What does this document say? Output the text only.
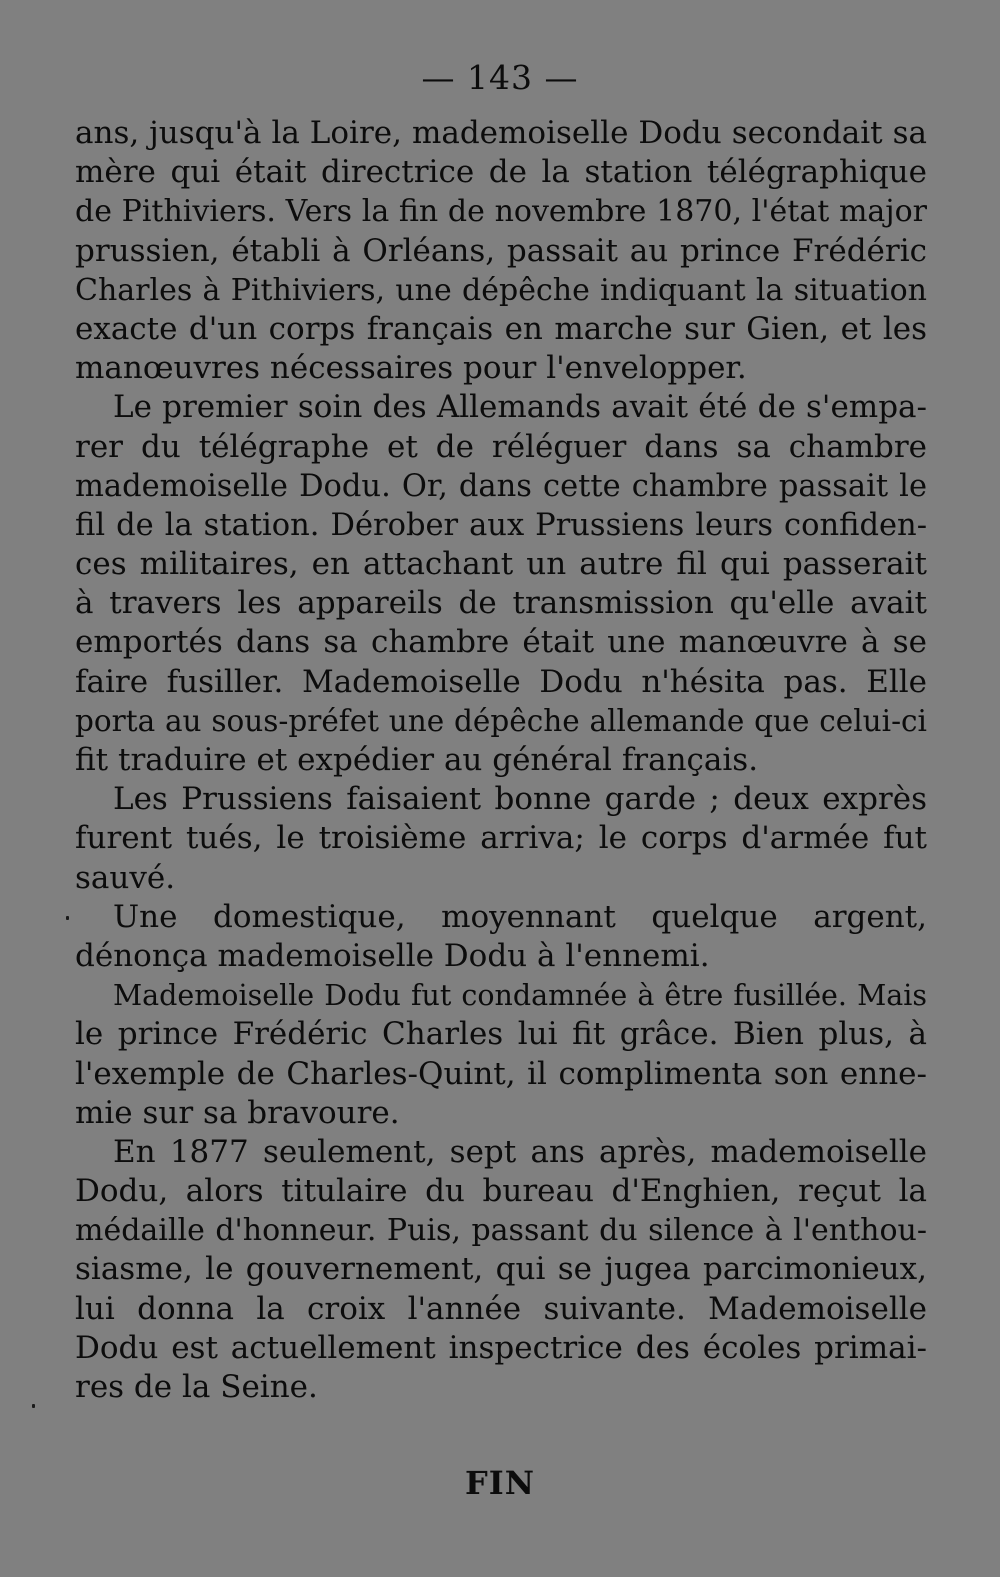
— 143 —
ans, jusqu'à la Loire, mademoiselle Dodu secondait sa
mère qui était directrice de la station télégraphique
de Pithiviers. Vers la fin de novembre 1870, l'état major
prussien, établi à Orléans, passait au prince Frédéric
Charles à Pithiviers, une dépêche indiquant la situation
exacte d'un corps français en marche sur Gien, et les
manœuvres nécessaires pour l'envelopper.
Le premier soin des Allemands avait été de s'empa-
rer du télégraphe et de réléguer dans sa chambre
mademoiselle Dodu. Or, dans cette chambre passait le
fil de la station. Dérober aux Prussiens leurs confiden-
ces militaires, en attachant un autre fil qui passerait
à travers les appareils de transmission qu'elle avait
emportés dans sa chambre était une manœuvre à se
faire fusiller. Mademoiselle Dodu n'hésita pas. Elle
porta au sous-préfet une dépêche allemande que celui-ci
fit traduire et expédier au général français.
Les Prussiens faisaient bonne garde ; deux exprès
furent tués, le troisième arriva; le corps d'armée fut
sauvé.
Une domestique, moyennant quelque argent,
dénonça mademoiselle Dodu à l'ennemi.
Mademoiselle Dodu fut condamnée à être fusillée. Mais
le prince Frédéric Charles lui fit grâce. Bien plus, à
l'exemple de Charles-Quint, il complimenta son enne-
mie sur sa bravoure.
En 1877 seulement, sept ans après, mademoiselle
Dodu, alors titulaire du bureau d'Enghien, reçut la
médaille d'honneur. Puis, passant du silence à l'enthou-
siasme, le gouvernement, qui se jugea parcimonieux,
lui donna la croix l'année suivante. Mademoiselle
Dodu est actuellement inspectrice des écoles primai-
res de la Seine.
FIN
